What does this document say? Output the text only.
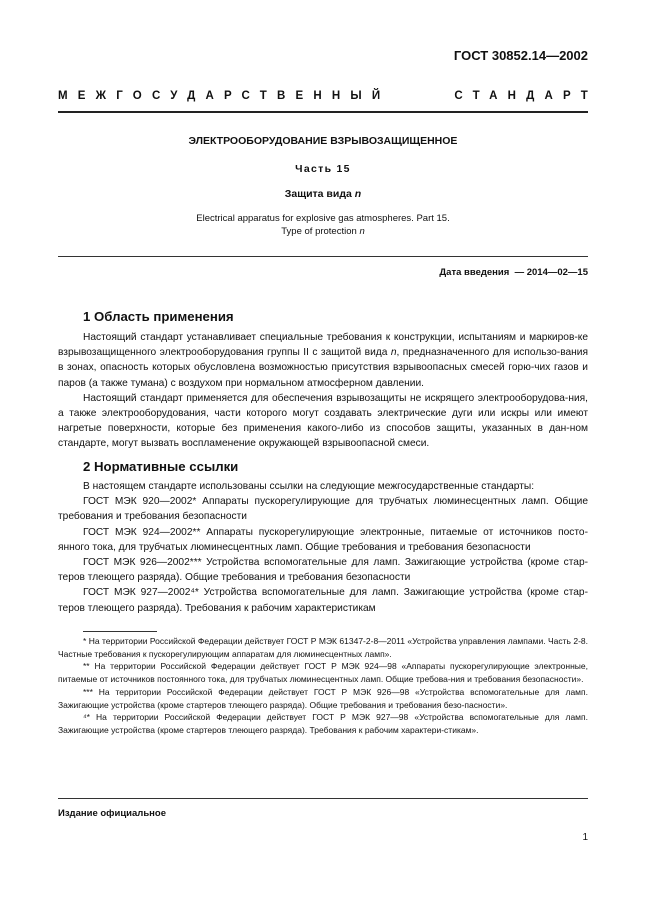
ГОСТ 30852.14—2002
МЕЖГОСУДАРСТВЕННЫЙ	СТАНДАРТ
ЭЛЕКТРООБОРУДОВАНИЕ ВЗРЫВОЗАЩИЩЕННОЕ
Часть 15
Защита вида n
Electrical apparatus for explosive gas atmospheres. Part 15.
Type of protection n
Дата введения — 2014—02—15
1 Область применения

Настоящий стандарт устанавливает специальные требования к конструкции, испытаниям и маркиров-ке взрывозащищенного электрооборудования группы II с защитой вида n, предназначенного для использо-вания в зонах, опасность которых обусловлена возможностью присутствия взрывоопасных смесей горю-чих газов и паров (а также тумана) с воздухом при нормальном атмосферном давлении.

Настоящий стандарт применяется для обеспечения взрывозащиты не искрящего электрооборудова-ния, а также электрооборудования, части которого могут создавать электрические дуги или искры или имеют нагретые поверхности, которые без применения какого-либо из способов защиты, указанных в дан-ном стандарте, могут вызвать воспламенение окружающей взрывоопасной смеси.

2 Нормативные ссылки

В настоящем стандарте использованы ссылки на следующие межгосударственные стандарты:

ГОСТ МЭК 920—2002* Аппараты пускорегулирующие для трубчатых люминесцентных ламп. Общие требования и требования безопасности

ГОСТ МЭК 924—2002** Аппараты пускорегулирующие электронные, питаемые от источников посто-янного тока, для трубчатых люминесцентных ламп. Общие требования и требования безопасности

ГОСТ МЭК 926—2002*** Устройства вспомогательные для ламп. Зажигающие устройства (кроме стар-теров тлеющего разряда). Общие требования и требования безопасности

ГОСТ МЭК 927—2002⁴* Устройства вспомогательные для ламп. Зажигающие устройства (кроме стар-теров тлеющего разряда). Требования к рабочим характеристикам

* На территории Российской Федерации действует ГОСТ Р МЭК 61347-2-8—2011 «Устройства управления лампами. Часть 2-8. Частные требования к пускорегулирующим аппаратам для люминесцентных ламп».

** На территории Российской Федерации действует ГОСТ Р МЭК 924—98 «Аппараты пускорегулирующие электронные, питаемые от источников постоянного тока, для трубчатых люминесцентных ламп. Общие требова-ния и требования безопасности».

*** На территории Российской Федерации действует ГОСТ Р МЭК 926—98 «Устройства вспомогательные для ламп. Зажигающие устройства (кроме стартеров тлеющего разряда). Общие требования и требования безо-пасности».

⁴* На территории Российской Федерации действует ГОСТ Р МЭК 927—98 «Устройства вспомогательные для ламп. Зажигающие устройства (кроме стартеров тлеющего разряда). Требования к рабочим характери-стикам».

Издание официальное
1
